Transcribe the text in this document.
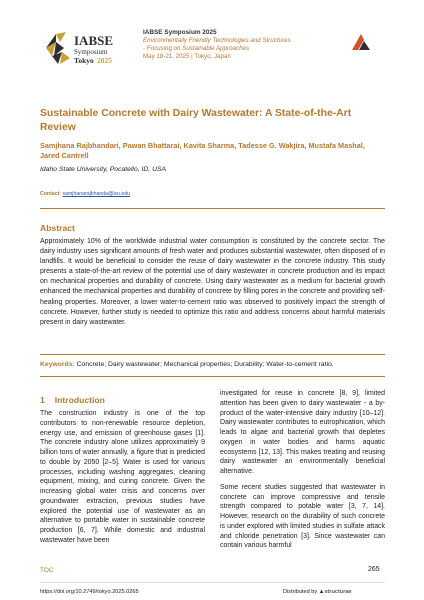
IABSE
Symposium
Tokyo 2025
IABSE Symposium 2025
Environmentally Friendly Technologies and Structures
- Focusing on Sustainable Approaches
May 18-21, 2025 | Tokyo, Japan
Sustainable Concrete with Dairy Wastewater: A State-of-the-Art Review
Samjhana Rajbhandari, Pawan Bhattarai, Kavita Sharma, Tadesse G. Wakjira, Mustafa Mashal, Jared Cantrell
Idaho State University, Pocatello, ID, USA
Contact: samjhanarajbhanda@isu.edu
Abstract
Approximately 10% of the worldwide industrial water consumption is constituted by the concrete sector. The dairy industry uses significant amounts of fresh water and produces substantial wastewater, often disposed of in landfills. It would be beneficial to consider the reuse of dairy wastewater in the concrete industry. This study presents a state-of-the-art review of the potential use of dairy wastewater in concrete production and its impact on mechanical properties and durability of concrete. Using dairy wastewater as a medium for bacterial growth enhanced the mechanical properties and durability of concrete by filling pores in the concrete and providing self-healing properties. Moreover, a lower water-to-cement ratio was observed to positively impact the strength of concrete. However, further study is needed to optimize this ratio and address concerns about harmful materials present in dairy wastewater.
Keywords: Concrete; Dairy wastewater; Mechanical properties; Durability; Water-to-cement ratio.
1 Introduction

The construction industry is one of the top contributors to non-renewable resource depletion, energy use, and emission of greenhouse gases [1]. The concrete industry alone utilizes approximately 9 billion tons of water annually, a figure that is predicted to double by 2050 [2–5]. Water is used for various processes, including washing aggregates, cleaning equipment, mixing, and curing concrete. Given the increasing global water crisis and concerns over groundwater extraction, previous studies have explored the potential use of wastewater as an alternative to portable water in sustainable concrete production [6, 7]. While domestic and industrial wastewater have been

investigated for reuse in concrete [8, 9], limited attention has been given to dairy wastewater - a by-product of the water-intensive dairy industry [10–12]. Dairy wastewater contributes to eutrophication, which leads to algae and bacterial growth that depletes oxygen in water bodies and harms aquatic ecosystems [12, 13]. This makes treating and reusing dairy wastewater an environmentally beneficial alternative.

Some recent studies suggested that wastewater in concrete can improve compressive and tensile strength compared to potable water [3, 7, 14]. However, research on the durability of such concrete is under explored with limited studies in sulfate attack and chloride penetration [3]. Since wastewater can contain various harmful

TOC	265
https://doi.org/10.2749/tokyo.2025.0265	Distributed by ▲structurae
